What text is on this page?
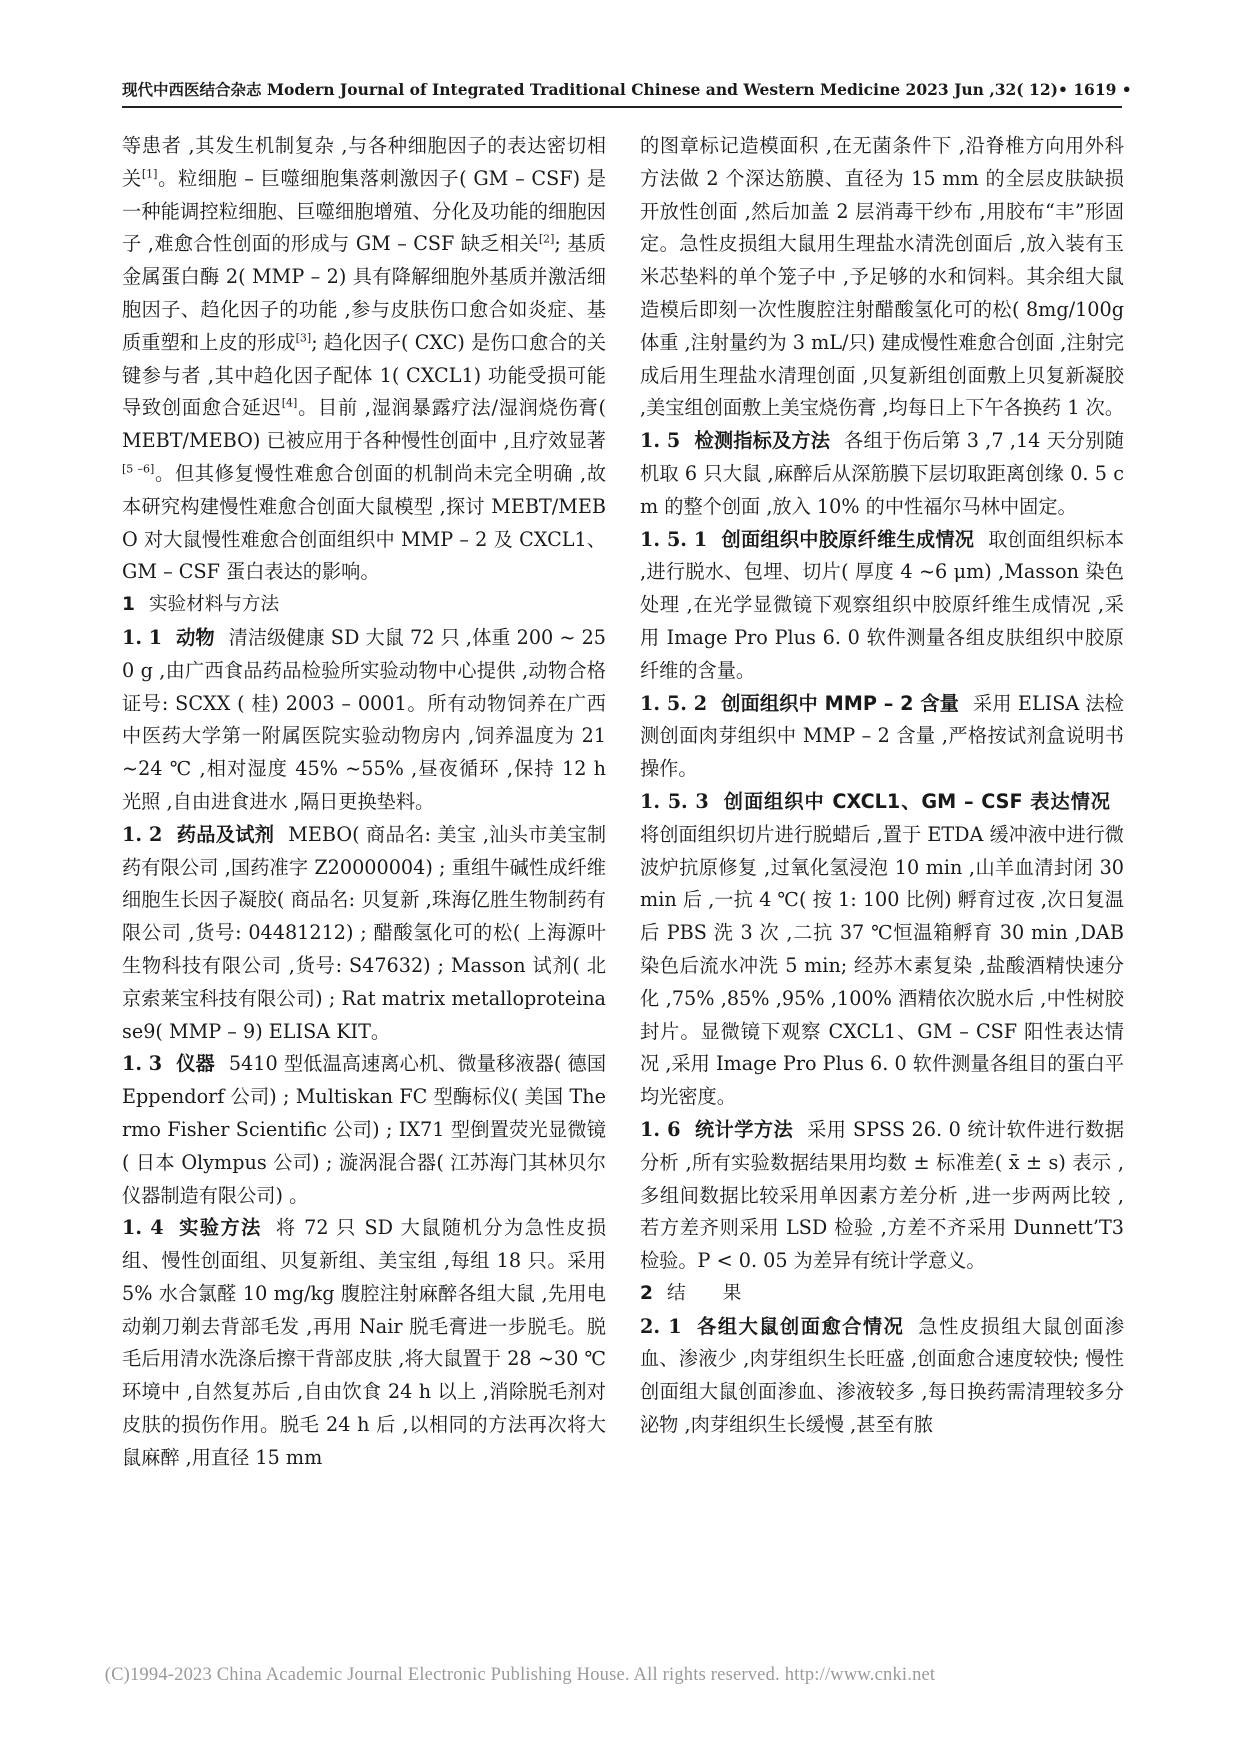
现代中西医结合杂志 Modern Journal of Integrated Traditional Chinese and Western Medicine 2023 Jun ,32( 12) • 1619 •

等患者 ,其发生机制复杂 ,与各种细胞因子的表达密切相关[1]。粒细胞 – 巨噬细胞集落刺激因子( GM – CSF) 是一种能调控粒细胞、巨噬细胞增殖、分化及功能的细胞因子 ,难愈合性创面的形成与 GM – CSF 缺乏相关[2]; 基质金属蛋白酶 2( MMP – 2) 具有降解细胞外基质并激活细胞因子、趋化因子的功能 ,参与皮肤伤口愈合如炎症、基质重塑和上皮的形成[3]; 趋化因子( CXC) 是伤口愈合的关键参与者 ,其中趋化因子配体 1( CXCL1) 功能受损可能导致创面愈合延迟[4]。目前 ,湿润暴露疗法/湿润烧伤膏( MEBT/MEBO) 已被应用于各种慢性创面中 ,且疗效显著[5 –6]。但其修复慢性难愈合创面的机制尚未完全明确 ,故本研究构建慢性难愈合创面大鼠模型 ,探讨 MEBT/MEBO 对大鼠慢性难愈合创面组织中 MMP – 2 及 CXCL1、GM – CSF 蛋白表达的影响。

1 实验材料与方法

1. 1 动物 清洁级健康 SD 大鼠 72 只 ,体重 200 ~ 250 g ,由广西食品药品检验所实验动物中心提供 ,动物合格证号: SCXX ( 桂) 2003 – 0001。所有动物饲养在广西中医药大学第一附属医院实验动物房内 ,饲养温度为 21 ~24 ℃ ,相对湿度 45% ~55% ,昼夜循环 ,保持 12 h 光照 ,自由进食进水 ,隔日更换垫料。

1. 2 药品及试剂 MEBO( 商品名: 美宝 ,汕头市美宝制药有限公司 ,国药准字 Z20000004) ; 重组牛碱性成纤维细胞生长因子凝胶( 商品名: 贝复新 ,珠海亿胜生物制药有限公司 ,货号: 04481212) ; 醋酸氢化可的松( 上海源叶生物科技有限公司 ,货号: S47632) ; Masson 试剂( 北京索莱宝科技有限公司) ; Rat matrix metalloproteinase9( MMP – 9) ELISA KIT。

1. 3 仪器 5410 型低温高速离心机、微量移液器( 德国 Eppendorf 公司) ; Multiskan FC 型酶标仪( 美国 Thermo Fisher Scientific 公司) ; IX71 型倒置荧光显微镜( 日本 Olympus 公司) ; 漩涡混合器( 江苏海门其林贝尔仪器制造有限公司) 。

1. 4 实验方法 将 72 只 SD 大鼠随机分为急性皮损组、慢性创面组、贝复新组、美宝组 ,每组 18 只。采用 5% 水合氯醛 10 mg/kg 腹腔注射麻醉各组大鼠 ,先用电动剃刀剃去背部毛发 ,再用 Nair 脱毛膏进一步脱毛。脱毛后用清水洗涤后擦干背部皮肤 ,将大鼠置于 28 ~30 ℃环境中 ,自然复苏后 ,自由饮食 24 h 以上 ,消除脱毛剂对皮肤的损伤作用。脱毛 24 h 后 ,以相同的方法再次将大鼠麻醉 ,用直径 15 mm

的图章标记造模面积 ,在无菌条件下 ,沿脊椎方向用外科方法做 2 个深达筋膜、直径为 15 mm 的全层皮肤缺损开放性创面 ,然后加盖 2 层消毒干纱布 ,用胶布“丰”形固定。急性皮损组大鼠用生理盐水清洗创面后 ,放入装有玉米芯垫料的单个笼子中 ,予足够的水和饲料。其余组大鼠造模后即刻一次性腹腔注射醋酸氢化可的松( 8mg/100g体重 ,注射量约为 3 mL/只) 建成慢性难愈合创面 ,注射完成后用生理盐水清理创面 ,贝复新组创面敷上贝复新凝胶 ,美宝组创面敷上美宝烧伤膏 ,均每日上下午各换药 1 次。

1. 5 检测指标及方法 各组于伤后第 3 ,7 ,14 天分别随机取 6 只大鼠 ,麻醉后从深筋膜下层切取距离创缘 0. 5 cm 的整个创面 ,放入 10% 的中性福尔马林中固定。

1. 5. 1 创面组织中胶原纤维生成情况 取创面组织标本 ,进行脱水、包埋、切片( 厚度 4 ~6 μm) ,Masson 染色处理 ,在光学显微镜下观察组织中胶原纤维生成情况 ,采用 Image Pro Plus 6. 0 软件测量各组皮肤组织中胶原纤维的含量。

1. 5. 2 创面组织中 MMP – 2 含量 采用 ELISA 法检测创面肉芽组织中 MMP – 2 含量 ,严格按试剂盒说明书操作。

1. 5. 3 创面组织中 CXCL1、GM – CSF 表达情况将创面组织切片进行脱蜡后 ,置于 ETDA 缓冲液中进行微波炉抗原修复 ,过氧化氢浸泡 10 min ,山羊血清封闭 30 min 后 ,一抗 4 ℃( 按 1: 100 比例) 孵育过夜 ,次日复温后 PBS 洗 3 次 ,二抗 37 ℃恒温箱孵育 30 min ,DAB 染色后流水冲洗 5 min; 经苏木素复染 ,盐酸酒精快速分化 ,75% ,85% ,95% ,100% 酒精依次脱水后 ,中性树胶封片。显微镜下观察 CXCL1、GM – CSF 阳性表达情况 ,采用 Image Pro Plus 6. 0 软件测量各组目的蛋白平均光密度。

1. 6 统计学方法 采用 SPSS 26. 0 统计软件进行数据分析 ,所有实验数据结果用均数 ± 标准差( x̄ ± s) 表示 ,多组间数据比较采用单因素方差分析 ,进一步两两比较 ,若方差齐则采用 LSD 检验 ,方差不齐采用 Dunnett’T3 检验。P < 0. 05 为差异有统计学意义。

2 结　　果

2. 1 各组大鼠创面愈合情况 急性皮损组大鼠创面渗血、渗液少 ,肉芽组织生长旺盛 ,创面愈合速度较快; 慢性创面组大鼠创面渗血、渗液较多 ,每日换药需清理较多分泌物 ,肉芽组织生长缓慢 ,甚至有脓

(C)1994-2023 China Academic Journal Electronic Publishing House. All rights reserved. http://www.cnki.net
